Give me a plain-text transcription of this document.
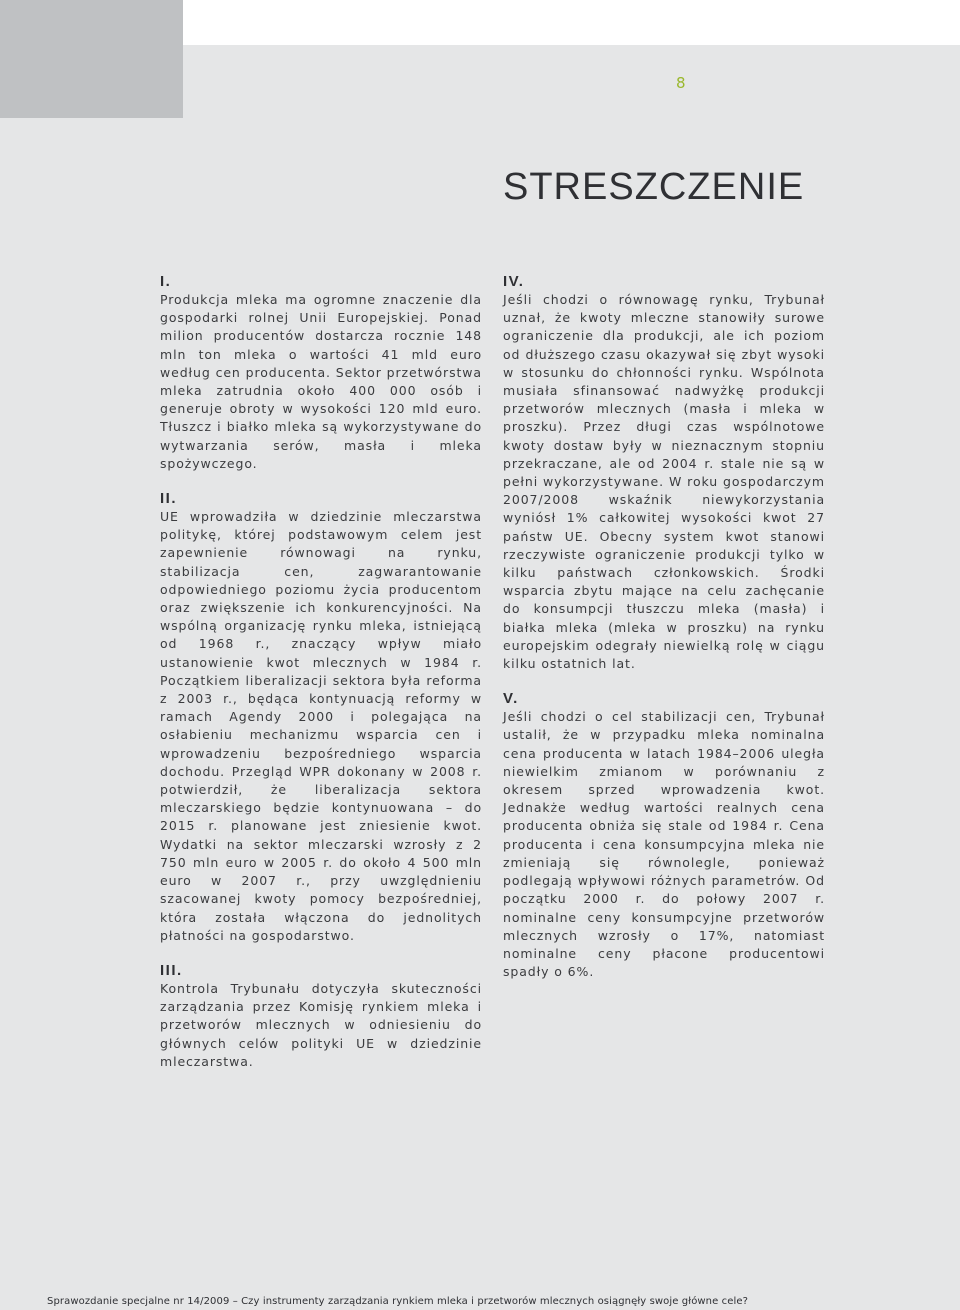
8
STRESZCZENIE
I.

Produkcja mleka ma ogromne znaczenie dla gospodarki rolnej Unii Europejskiej. Ponad milion producentów dostarcza rocznie 148 mln ton mleka o wartości 41 mld euro według cen producenta. Sektor przetwórstwa mleka zatrudnia około 400 000 osób i generuje obroty w wysokości 120 mld euro. Tłuszcz i białko mleka są wykorzystywane do wytwarzania serów, masła i mleka spożywczego.

II.

UE wprowadziła w dziedzinie mleczarstwa politykę, której podstawowym celem jest zapewnienie równowagi na rynku, stabilizacja cen, zagwarantowanie odpowiedniego poziomu życia producentom oraz zwiększenie ich konkurencyjności. Na wspólną organizację rynku mleka, istniejącą od 1968 r., znaczący wpływ miało ustanowienie kwot mlecznych w 1984 r. Początkiem liberalizacji sektora była reforma z 2003 r., będąca kontynuacją reformy w ramach Agendy 2000 i polegająca na osłabieniu mechanizmu wsparcia cen i wprowadzeniu bezpośredniego wsparcia dochodu. Przegląd WPR dokonany w 2008 r. potwierdził, że liberalizacja sektora mleczarskiego będzie kontynuowana – do 2015 r. planowane jest zniesienie kwot. Wydatki na sektor mleczarski wzrosły z 2 750 mln euro w 2005 r. do około 4 500 mln euro w 2007 r., przy uwzględnieniu szacowanej kwoty pomocy bezpośredniej, która została włączona do jednolitych płatności na gospodarstwo.

III.

Kontrola Trybunału dotyczyła skuteczności zarządzania przez Komisję rynkiem mleka i przetworów mlecznych w odniesieniu do głównych celów polityki UE w dziedzinie mleczarstwa.

IV.

Jeśli chodzi o równowagę rynku, Trybunał uznał, że kwoty mleczne stanowiły surowe ograniczenie dla produkcji, ale ich poziom od dłuższego czasu okazywał się zbyt wysoki w stosunku do chłonności rynku. Wspólnota musiała sfinansować nadwyżkę produkcji przetworów mlecznych (masła i mleka w proszku). Przez długi czas wspólnotowe kwoty dostaw były w nieznacznym stopniu przekraczane, ale od 2004 r. stale nie są w pełni wykorzystywane. W roku gospodarczym 2007/2008 wskaźnik niewykorzystania wyniósł 1% całkowitej wysokości kwot 27 państw UE. Obecny system kwot stanowi rzeczywiste ograniczenie produkcji tylko w kilku państwach członkowskich. Środki wsparcia zbytu mające na celu zachęcanie do konsumpcji tłuszczu mleka (masła) i białka mleka (mleka w proszku) na rynku europejskim odegrały niewielką rolę w ciągu kilku ostatnich lat.

V.

Jeśli chodzi o cel stabilizacji cen, Trybunał ustalił, że w przypadku mleka nominalna cena producenta w latach 1984–2006 uległa niewielkim zmianom w porównaniu z okresem sprzed wprowadzenia kwot. Jednakże według wartości realnych cena producenta obniża się stale od 1984 r. Cena producenta i cena konsumpcyjna mleka nie zmieniają się równolegle, ponieważ podlegają wpływowi różnych parametrów. Od początku 2000 r. do połowy 2007 r. nominalne ceny konsumpcyjne przetworów mlecznych wzrosły o 17%, natomiast nominalne ceny płacone producentowi spadły o 6%.

Sprawozdanie specjalne nr 14/2009 – Czy instrumenty zarządzania rynkiem mleka i przetworów mlecznych osiągnęły swoje główne cele?
